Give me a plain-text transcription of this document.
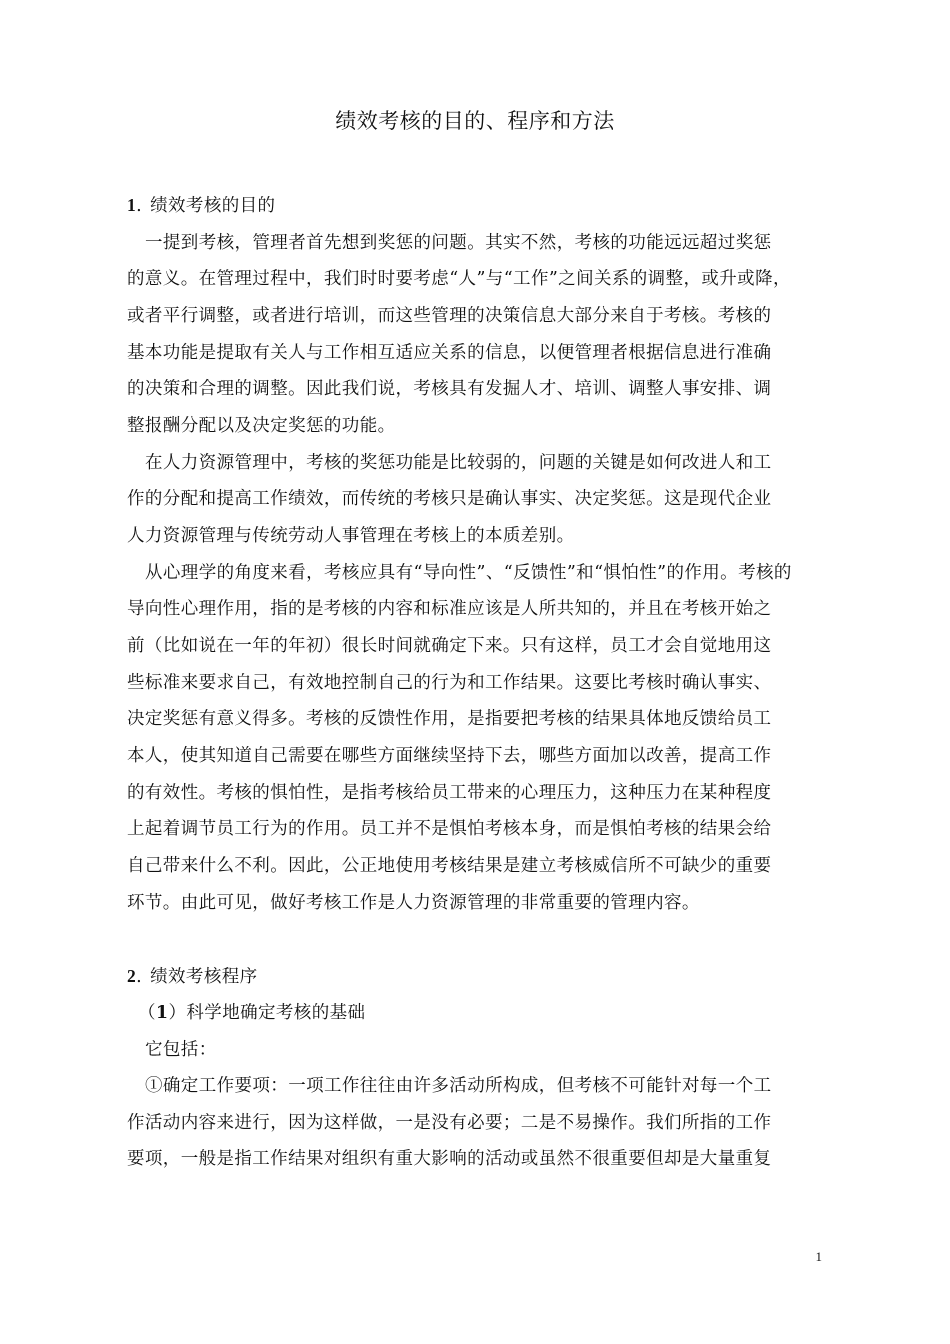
绩效考核的目的、程序和方法
1. 绩效考核的目的
一提到考核，管理者首先想到奖惩的问题。其实不然，考核的功能远远超过奖惩
的意义。在管理过程中，我们时时要考虑“人”与“工作”之间关系的调整，或升或降，
或者平行调整，或者进行培训，而这些管理的决策信息大部分来自于考核。考核的
基本功能是提取有关人与工作相互适应关系的信息，以便管理者根据信息进行准确
的决策和合理的调整。因此我们说，考核具有发掘人才、培训、调整人事安排、调
整报酬分配以及决定奖惩的功能。
在人力资源管理中，考核的奖惩功能是比较弱的，问题的关键是如何改进人和工
作的分配和提高工作绩效，而传统的考核只是确认事实、决定奖惩。这是现代企业
人力资源管理与传统劳动人事管理在考核上的本质差别。
从心理学的角度来看，考核应具有“导向性”、“反馈性”和“惧怕性”的作用。考核的
导向性心理作用，指的是考核的内容和标准应该是人所共知的，并且在考核开始之
前（比如说在一年的年初）很长时间就确定下来。只有这样，员工才会自觉地用这
些标准来要求自己，有效地控制自己的行为和工作结果。这要比考核时确认事实、
决定奖惩有意义得多。考核的反馈性作用，是指要把考核的结果具体地反馈给员工
本人，使其知道自己需要在哪些方面继续坚持下去，哪些方面加以改善，提高工作
的有效性。考核的惧怕性，是指考核给员工带来的心理压力，这种压力在某种程度
上起着调节员工行为的作用。员工并不是惧怕考核本身，而是惧怕考核的结果会给
自己带来什么不利。因此，公正地使用考核结果是建立考核威信所不可缺少的重要
环节。由此可见，做好考核工作是人力资源管理的非常重要的管理内容。
2. 绩效考核程序
（1）科学地确定考核的基础
它包括：
①确定工作要项：一项工作往往由许多活动所构成，但考核不可能针对每一个工
作活动内容来进行，因为这样做，一是没有必要；二是不易操作。我们所指的工作
要项，一般是指工作结果对组织有重大影响的活动或虽然不很重要但却是大量重复
1
